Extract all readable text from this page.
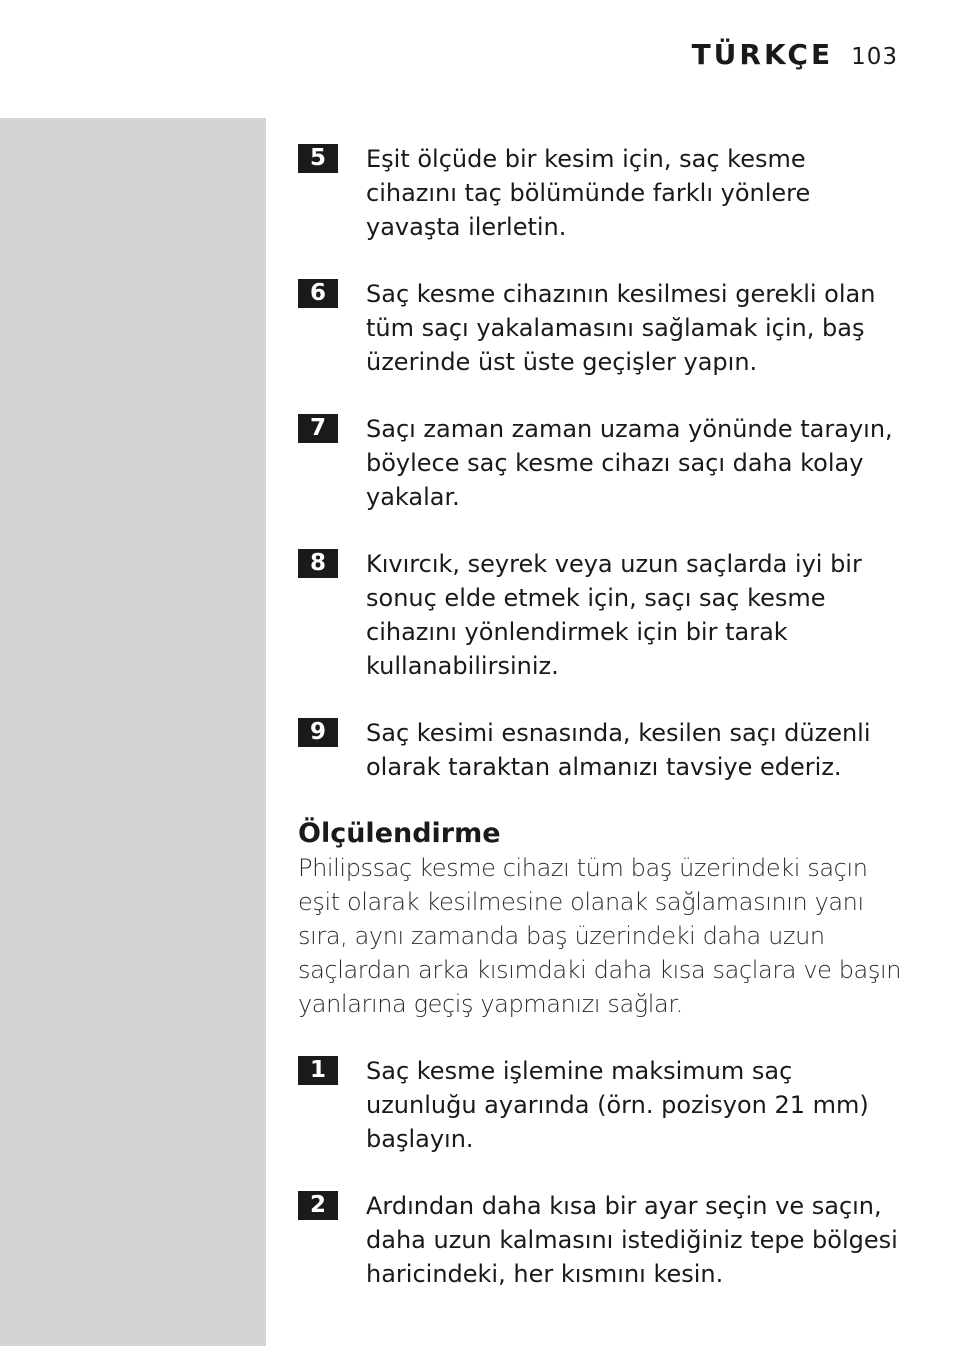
TÜRKÇE 103
5	Eşit ölçüde bir kesim için, saç kesme cihazını taç bölümünde farklı yönlere yavaşta ilerletin.
6	Saç kesme cihazının kesilmesi gerekli olan tüm saçı yakalamasını sağlamak için, baş üzerinde üst üste geçişler yapın.
7	Saçı zaman zaman uzama yönünde tarayın, böylece saç kesme cihazı saçı daha kolay yakalar.
8	Kıvırcık, seyrek veya uzun saçlarda iyi bir sonuç elde etmek için, saçı saç kesme cihazını yönlendirmek için bir tarak kullanabilirsiniz.
9	Saç kesimi esnasında, kesilen saçı düzenli olarak taraktan almanızı tavsiye ederiz.
Ölçülendirme
Philipssaç kesme cihazı tüm baş üzerindeki saçın eşit olarak kesilmesine olanak sağlamasının yanı sıra, aynı zamanda baş üzerindeki daha uzun saçlardan arka kısımdaki daha kısa saçlara ve başın yanlarına geçiş yapmanızı sağlar.
1	Saç kesme işlemine maksimum saç uzunluğu ayarında (örn. pozisyon 21 mm) başlayın.
2	Ardından daha kısa bir ayar seçin ve saçın, daha uzun kalmasını istediğiniz tepe bölgesi haricindeki, her kısmını kesin.
